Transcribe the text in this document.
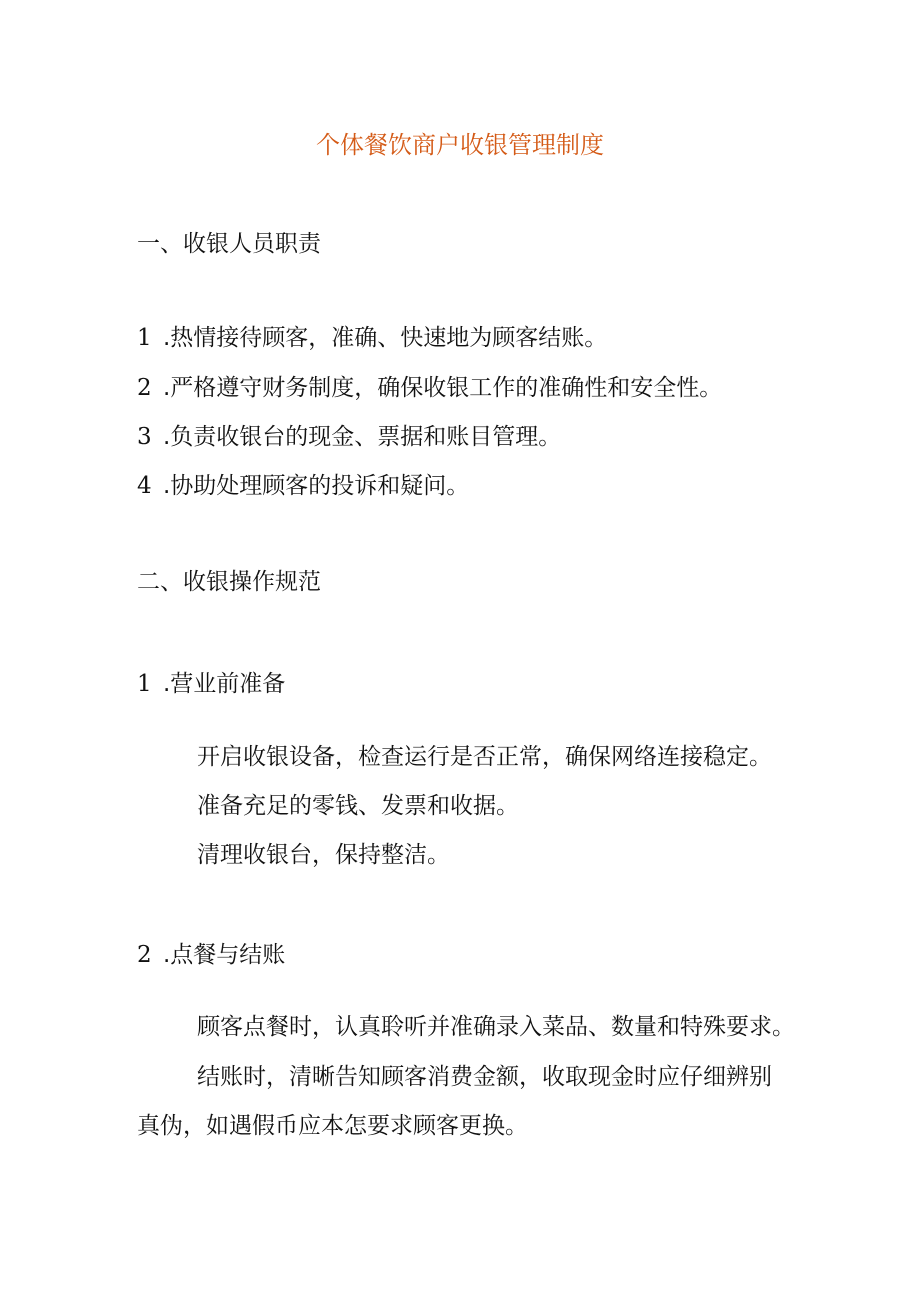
个体餐饮商户收银管理制度
一、收银人员职责
1 .热情接待顾客，准确、快速地为顾客结账。
2 .严格遵守财务制度，确保收银工作的准确性和安全性。
3 .负责收银台的现金、票据和账目管理。
4 .协助处理顾客的投诉和疑问。
二、收银操作规范
1 .营业前准备
开启收银设备，检查运行是否正常，确保网络连接稳定。
准备充足的零钱、发票和收据。
清理收银台，保持整洁。
2 .点餐与结账
顾客点餐时，认真聆听并准确录入菜品、数量和特殊要求。
结账时，清晰告知顾客消费金额，收取现金时应仔细辨别
真伪，如遇假币应本怎要求顾客更换。
